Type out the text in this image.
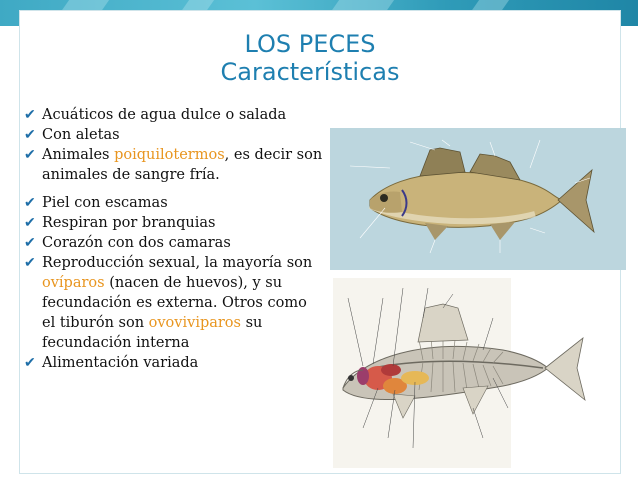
LOS PECES
Características
✔ Acuáticos de agua dulce o salada
✔ Con aletas
✔ Animales poiquilotermos, es decir son animales de sangre fría.
✔ Piel con escamas
✔ Respiran por branquias
✔ Corazón con dos camaras
✔ Reproducción sexual, la mayoría son ovíparos (nacen de huevos), y su fecundación es externa. Otros como el tiburón son ovoviviparos su fecundación interna
✔ Alimentación variada
